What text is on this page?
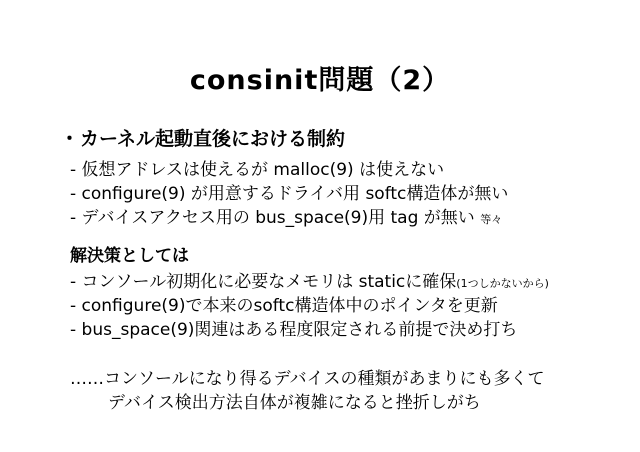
consinit問題（2）
・カーネル起動直後における制約
- 仮想アドレスは使えるが malloc(9) は使えない
- configure(9) が用意するドライバ用 softc構造体が無い
- デバイスアクセス用の bus_space(9)用 tag が無い 等々
解決策としては
- コンソール初期化に必要なメモリは staticに確保(1つしかないから)
- configure(9)で本来のsoftc構造体中のポインタを更新
- bus_space(9)関連はある程度限定される前提で決め打ち
……コンソールになり得るデバイスの種類があまりにも多くて
デバイス検出方法自体が複雑になると挫折しがち
